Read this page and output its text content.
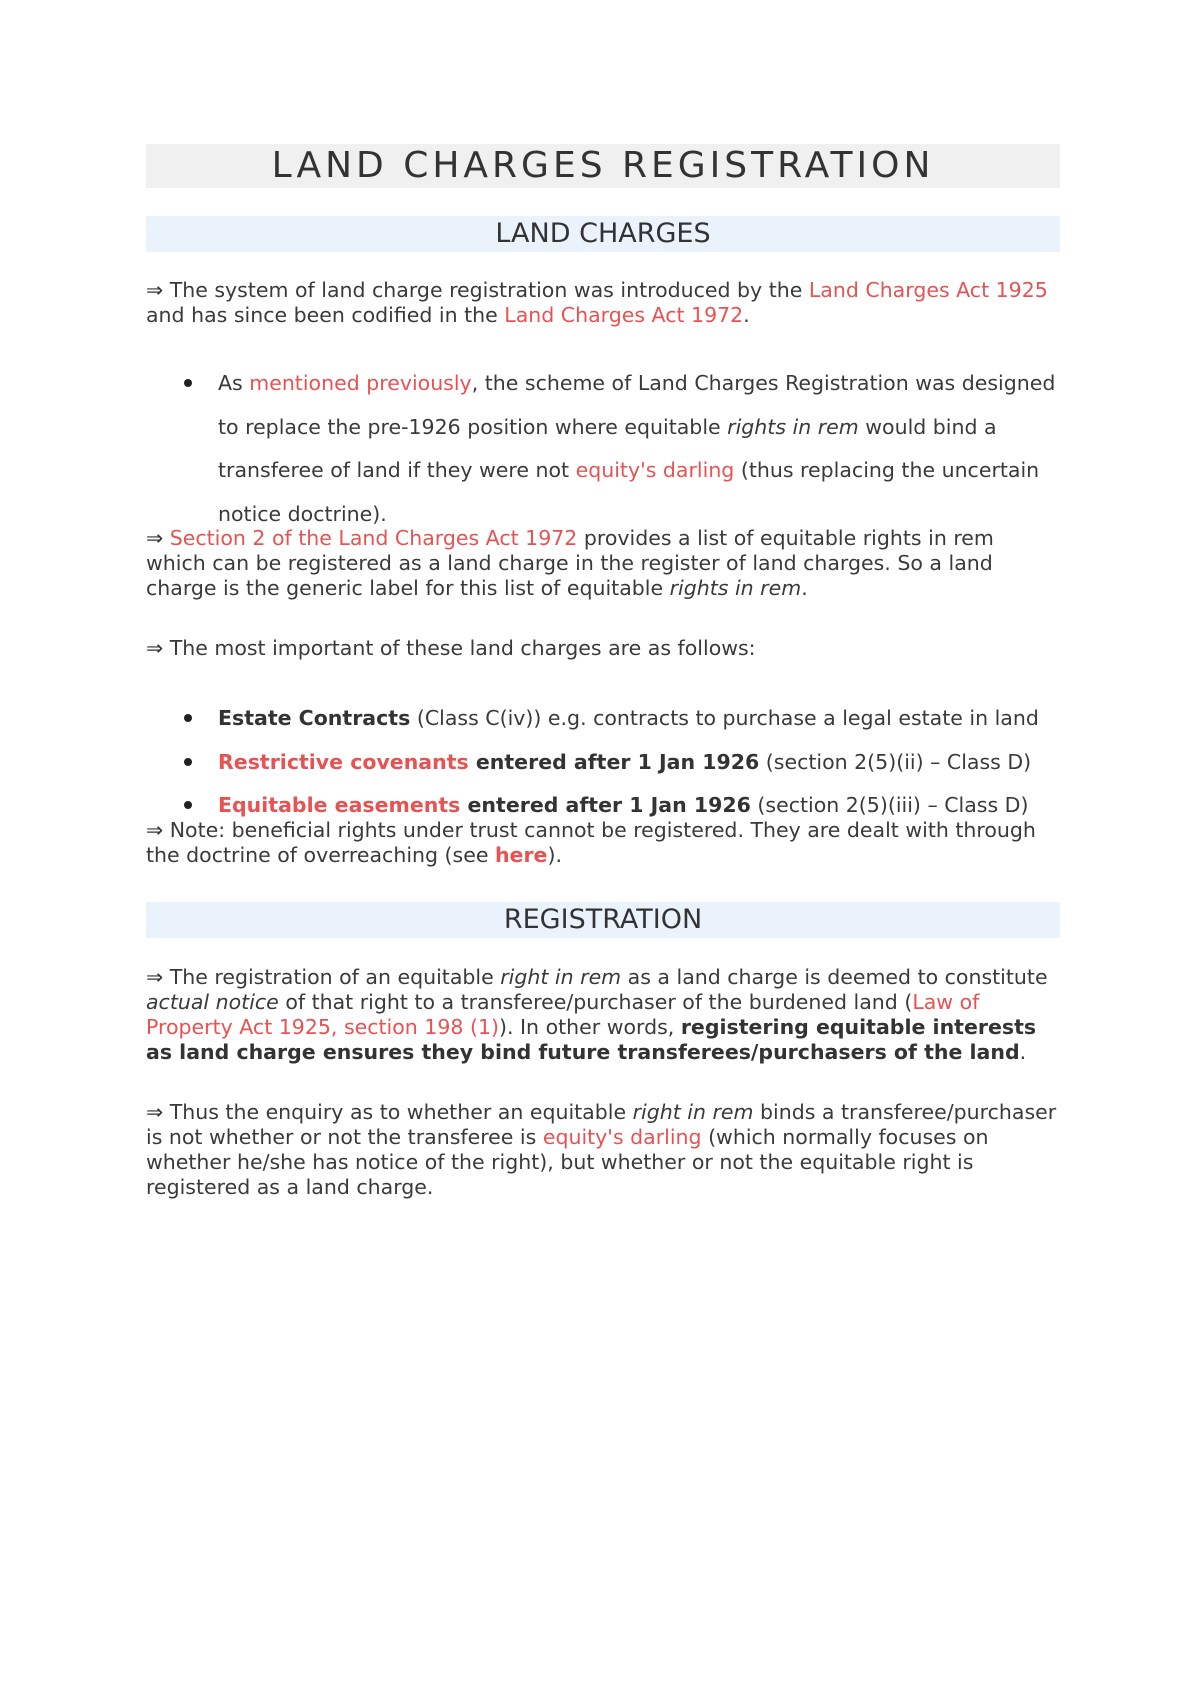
LAND CHARGES REGISTRATION
LAND CHARGES

⇒ The system of land charge registration was introduced by the Land Charges Act 1925 and has since been codified in the Land Charges Act 1972.

As mentioned previously, the scheme of Land Charges Registration was designed to replace the pre-1926 position where equitable rights in rem would bind a transferee of land if they were not equity's darling (thus replacing the uncertain notice doctrine).

⇒ Section 2 of the Land Charges Act 1972 provides a list of equitable rights in rem which can be registered as a land charge in the register of land charges. So a land charge is the generic label for this list of equitable rights in rem.

⇒ The most important of these land charges are as follows:

Estate Contracts (Class C(iv)) e.g. contracts to purchase a legal estate in land
Restrictive covenants entered after 1 Jan 1926 (section 2(5)(ii) – Class D)
Equitable easements entered after 1 Jan 1926 (section 2(5)(iii) – Class D)

⇒ Note: beneficial rights under trust cannot be registered. They are dealt with through the doctrine of overreaching (see here).

REGISTRATION

⇒ The registration of an equitable right in rem as a land charge is deemed to constitute actual notice of that right to a transferee/purchaser of the burdened land (Law of Property Act 1925, section 198 (1)). In other words, registering equitable interests as land charge ensures they bind future transferees/purchasers of the land.

⇒ Thus the enquiry as to whether an equitable right in rem binds a transferee/purchaser is not whether or not the transferee is equity's darling (which normally focuses on whether he/she has notice of the right), but whether or not the equitable right is registered as a land charge.
